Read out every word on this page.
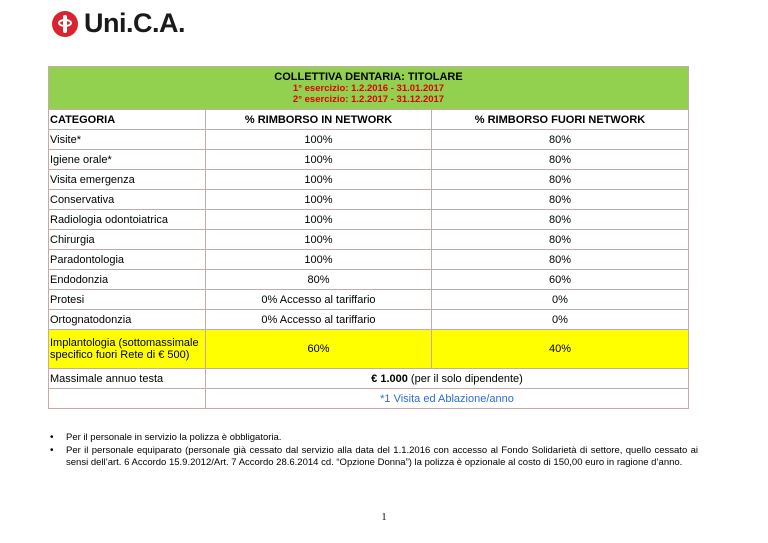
Uni.C.A.
COLLETTIVA DENTARIA: TITOLARE
1° esercizio: 1.2.2016 - 31.01.2017
2° esercizio: 1.2.2017 - 31.12.2017		

CATEGORIA	% RIMBORSO IN NETWORK	% RIMBORSO FUORI NETWORK
Visite*	100%	80%
Igiene orale*	100%	80%
Visita emergenza	100%	80%
Conservativa	100%	80%
Radiologia odontoiatrica	100%	80%
Chirurgia	100%	80%
Paradontologia	100%	80%
Endodonzia	80%	60%
Protesi	0% Accesso al tariffario	0%
Ortognatodonzia	0% Accesso al tariffario	0%
Implantologia (sottomassimale specifico fuori Rete di € 500)	60%	40%
Massimale annuo testa	€ 1.000 (per il solo dipendente)	
	*1 Visita ed Ablazione/anno	
• Per il personale in servizio la polizza è obbligatoria.
• Per il personale equiparato (personale già cessato dal servizio alla data del 1.1.2016 con accesso al Fondo Solidarietà di settore, quello cessato ai sensi dell’art. 6 Accordo 15.9.2012/Art. 7 Accordo 28.6.2014 cd. “Opzione Donna”) la polizza è opzionale al costo di 150,00 euro in ragione d’anno.
1
